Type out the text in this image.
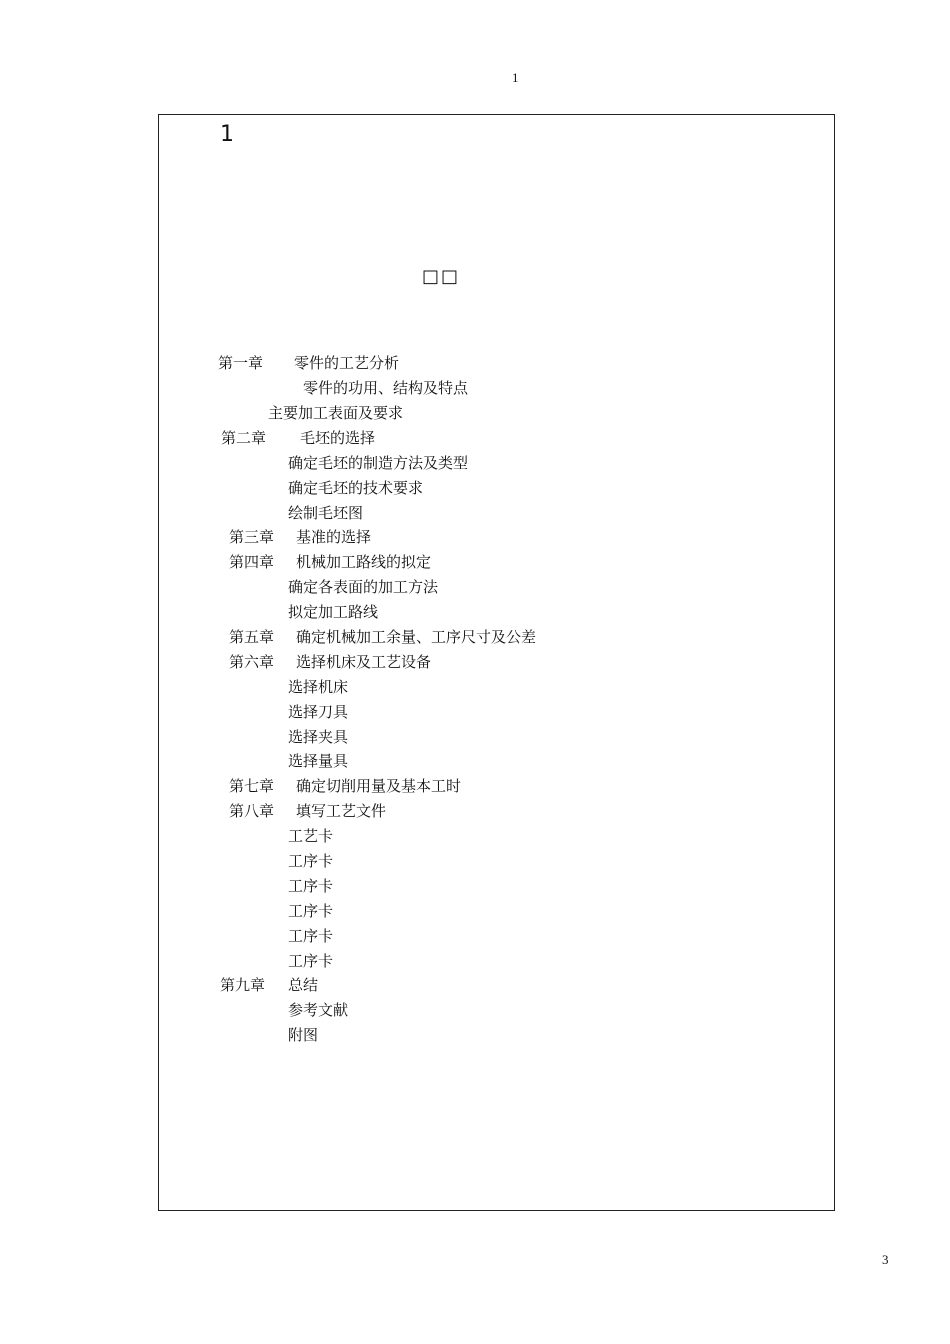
1
1
□□
第一章 零件的工艺分析
零件的功用、结构及特点
主要加工表面及要求
第二章 毛坯的选择
确定毛坯的制造方法及类型
确定毛坯的技术要求
绘制毛坯图
第三章 基准的选择
第四章 机械加工路线的拟定
确定各表面的加工方法
拟定加工路线
第五章 确定机械加工余量、工序尺寸及公差
第六章 选择机床及工艺设备
选择机床
选择刀具
选择夹具
选择量具
第七章 确定切削用量及基本工时
第八章 填写工艺文件
工艺卡
工序卡
工序卡
工序卡
工序卡
工序卡
第九章 总结
参考文献
附图
3
